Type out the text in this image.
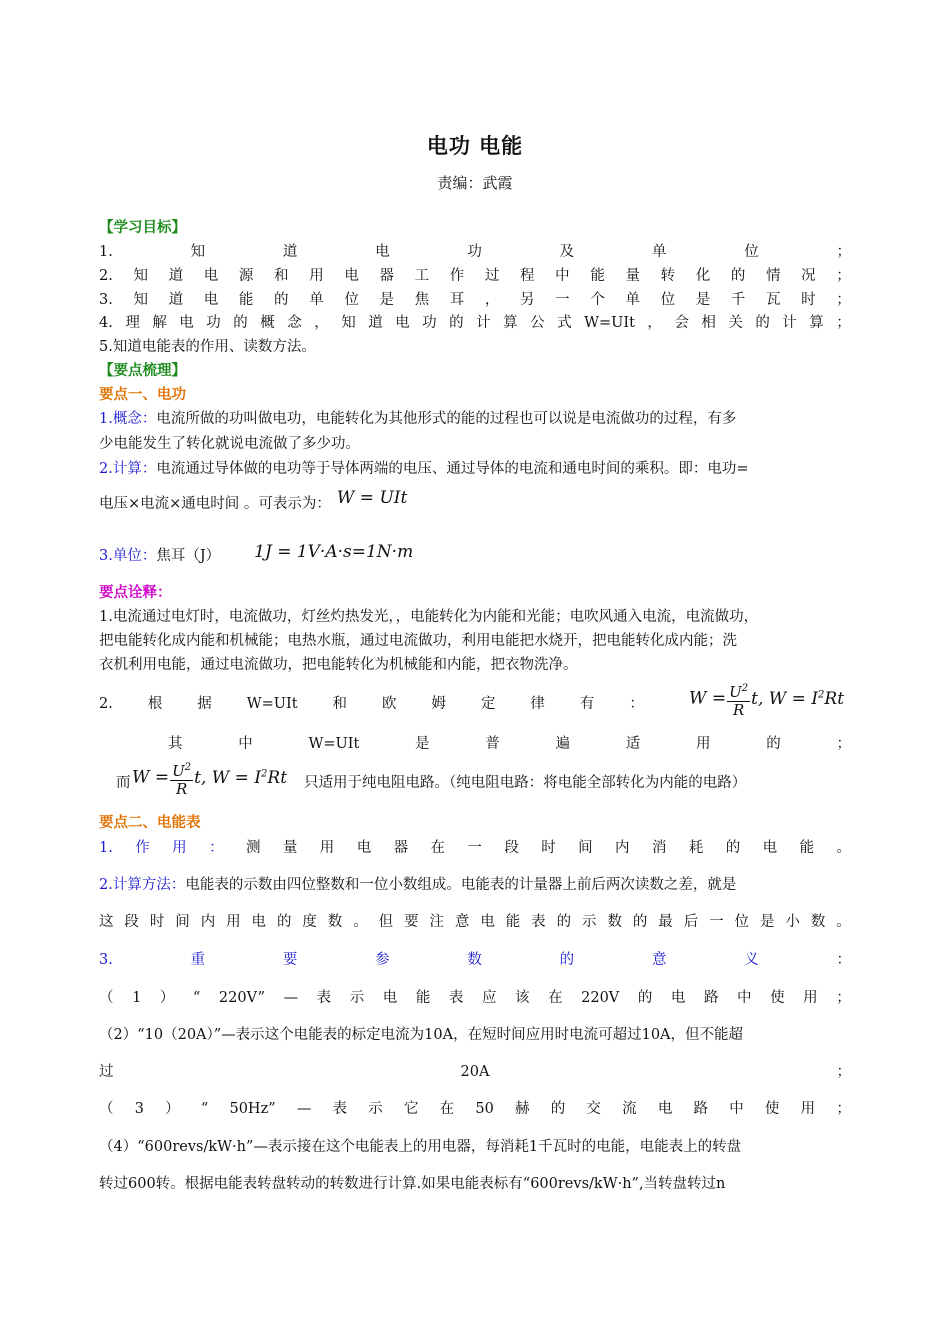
电功 电能
责编：武霞
【学习目标】
1.	知	道	电	功	及	单	位	；
2. 知 道 电 源 和 用 电 器 工 作 过 程 中 能 量 转 化 的 情 况 ；
3. 知 道 电 能 的 单 位 是 焦 耳 ， 另 一 个 单 位 是 千 瓦 时 ；
4. 理 解 电 功 的 概 念 ， 知 道 电 功 的 计 算 公 式 W=UIt ， 会 相 关 的 计 算 ；
5.知道电能表的作用、读数方法。
【要点梳理】
要点一、电功
1.概念：电流所做的功叫做电功，电能转化为其他形式的能的过程也可以说是电流做功的过程，有多
少电能发生了转化就说电流做了多少功。
2.计算：电流通过导体做的电功等于导体两端的电压、通过导体的电流和通电时间的乘积。即：电功=
电压×电流×通电时间 。可表示为： W = UIt
3.单位：焦耳（J） 1J = 1V·A·s=1N·m
要点诠释：
1.电流通过电灯时，电流做功，灯丝灼热发光，，电能转化为内能和光能；电吹风通入电流，电流做功，
把电能转化成内能和机械能；电热水瓶，通过电流做功，利用电能把水烧开，把电能转化成内能；洗
衣机利用电能，通过电流做功，把电能转化为机械能和内能，把衣物洗净。
2. 根 据 W=UIt 和 欧 姆 定 律 有 ：	$W = \frac{U^2}{R} t$, $W = I^2Rt$
其	中	W=UIt	是	普	遍	适	用	的	；
而 $W = \frac{U^2}{R} t$, $W = I^2Rt$ 只适用于纯电阻电路。（纯电阻电路：将电能全部转化为内能的电路）
要点二、电能表
1. 作 用 ： 测 量 用 电 器 在 一 段 时 间 内 消 耗 的 电 能 。
2.计算方法：电能表的示数由四位整数和一位小数组成。电能表的计量器上前后两次读数之差，就是
这 段 时 间 内 用 电 的 度 数 。 但 要 注 意 电 能 表 的 示 数 的 最 后 一 位 是 小 数 。
3.	重	要	参	数	的	意	义	：
（ 1 ） “ 220V” — 表 示 电 能 表 应 该 在 220V 的 电 路 中 使 用 ；
（2）“10（20A）”—表示这个电能表的标定电流为10A，在短时间应用时电流可超过10A，但不能超
过	20A	；
（ 3 ） “ 50Hz” — 表 示 它 在 50 赫 的 交 流 电 路 中 使 用 ；
（4）“600revs/kW·h”—表示接在这个电能表上的用电器，每消耗1千瓦时的电能，电能表上的转盘
转过600转。根据电能表转盘转动的转数进行计算.如果电能表标有“600revs/kW·h”,当转盘转过n
